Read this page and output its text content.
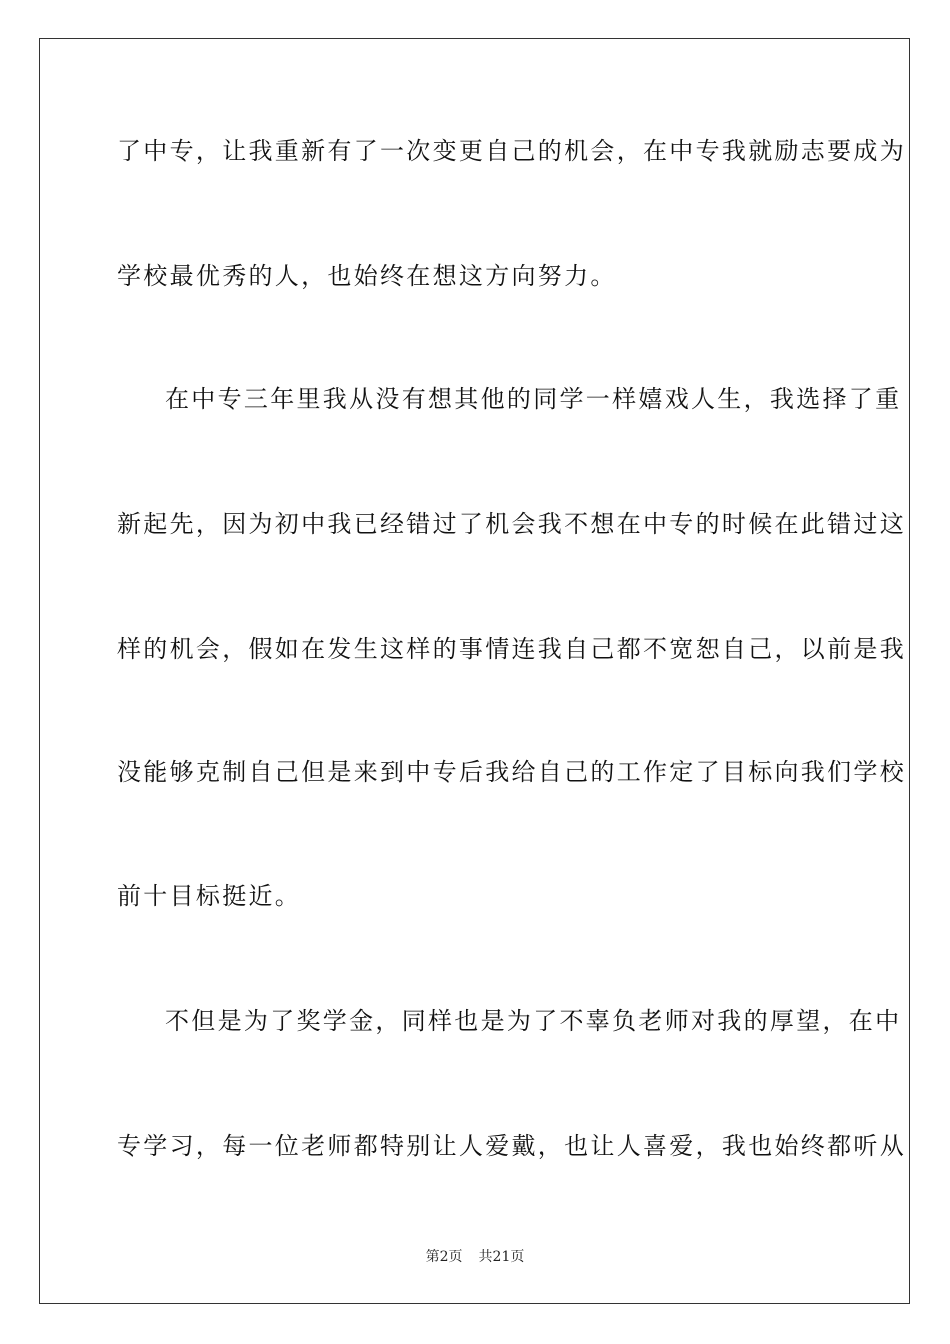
了中专，让我重新有了一次变更自己的机会，在中专我就励志要成为
学校最优秀的人，也始终在想这方向努力。
在中专三年里我从没有想其他的同学一样嬉戏人生，我选择了重
新起先，因为初中我已经错过了机会我不想在中专的时候在此错过这
样的机会，假如在发生这样的事情连我自己都不宽恕自己，以前是我
没能够克制自己但是来到中专后我给自己的工作定了目标向我们学校
前十目标挺近。
不但是为了奖学金，同样也是为了不辜负老师对我的厚望，在中
专学习，每一位老师都特别让人爱戴，也让人喜爱，我也始终都听从
第2页 共21页
